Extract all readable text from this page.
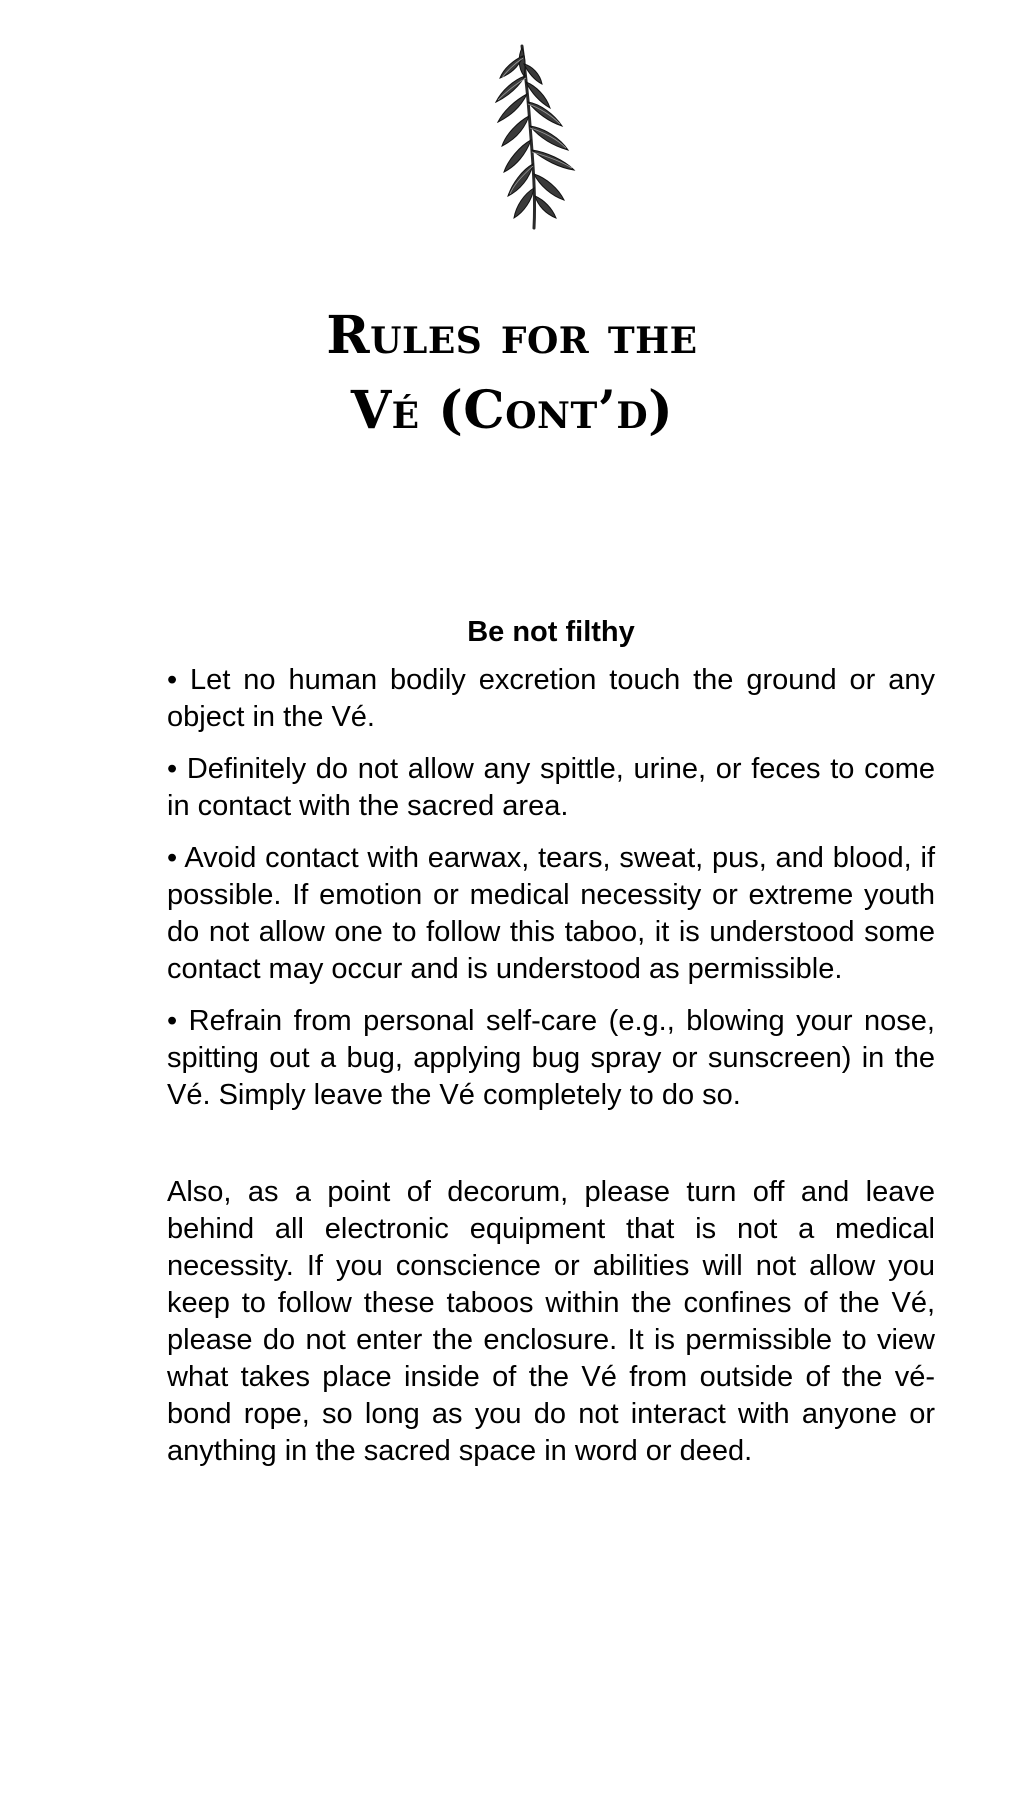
Rules for the
Vé (Cont’d)
Be not filthy

• Let no human bodily excretion touch the ground or any object in the Vé.

• Definitely do not allow any spittle, urine, or feces to come in contact with the sacred area.

• Avoid contact with earwax, tears, sweat, pus, and blood, if possible. If emotion or medical necessity or extreme youth do not allow one to follow this taboo, it is understood some contact may occur and is understood as permissible.

• Refrain from personal self-care (e.g., blowing your nose, spitting out a bug, applying bug spray or sunscreen) in the Vé. Simply leave the Vé completely to do so.

Also, as a point of decorum, please turn off and leave behind all electronic equipment that is not a medical necessity. If you conscience or abilities will not allow you keep to follow these taboos within the confines of the Vé, please do not enter the enclosure. It is permissible to view what takes place inside of the Vé from outside of the vé-bond rope, so long as you do not interact with anyone or anything in the sacred space in word or deed.
